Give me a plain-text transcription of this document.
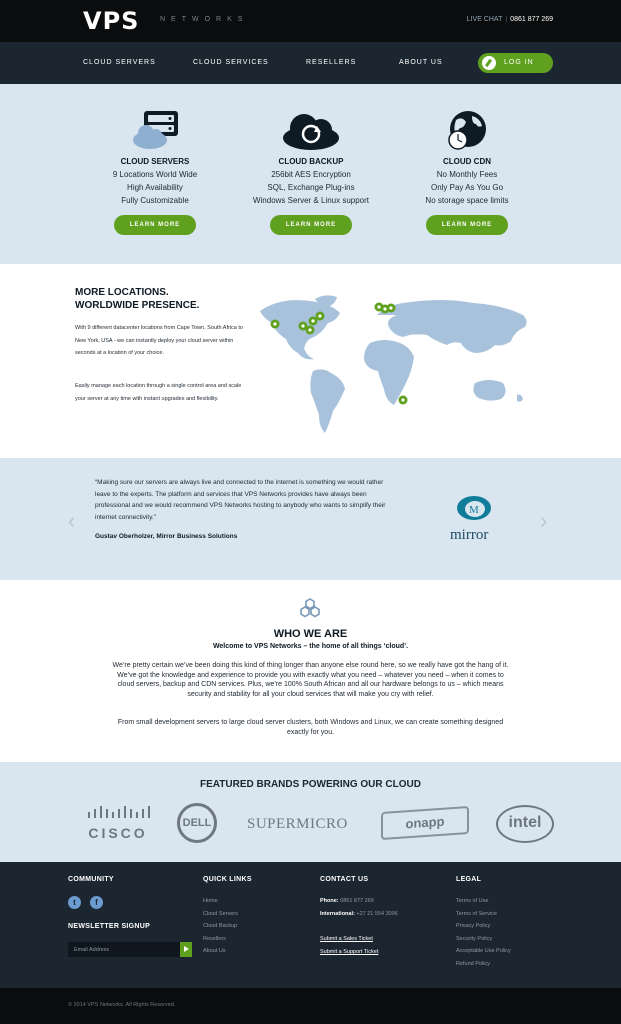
VPS	NETWORKS	LIVE CHAT | 0861 877 269
CLOUD SERVERS	CLOUD SERVICES	RESELLERS	ABOUT US	LOG IN
CLOUD SERVERS
9 Locations World Wide
High Availability
Fully Customizable
LEARN MORE
CLOUD BACKUP
256bit AES Encryption
SQL, Exchange Plug-ins
Windows Server & Linux support
LEARN MORE
CLOUD CDN
No Monthly Fees
Only Pay As You Go
No storage space limits
LEARN MORE
MORE LOCATIONS.
WORLDWIDE PRESENCE.
With 9 different datacenter locations from Cape Town, South Africa to New York, USA - we can instantly deploy your cloud server within seconds at a location of your choice.
Easily manage each location through a single control area and scale your server at any time with instant upgrades and flexibility.
‹
“Making sure our servers are always live and connected to the internet is something we would rather leave to the experts. The platform and services that VPS Networks provides have always been professional and we would recommend VPS Networks hosting to anybody who wants to simplify their internet connectivity.”
Gustav Oberholzer, Mirror Business Solutions
M
mirror
›
WHO WE ARE
Welcome to VPS Networks – the home of all things ‘cloud’.
We’re pretty certain we’ve been doing this kind of thing longer than anyone else round here, so we really have got the hang of it. We’ve got the knowledge and experience to provide you with exactly what you need – whatever you need – when it comes to cloud servers, backup and CDN services. Plus, we’re 100% South African and all our hardware belongs to us – which means security and stability for all your cloud services that will make you cry with relief.
From small development servers to large cloud server clusters, both Windows and Linux, we can create something designed exactly for you.
FEATURED BRANDS POWERING OUR CLOUD
CISCO
DELL	SUPERMICRO	onapp	intel
COMMUNITY
t	f
NEWSLETTER SIGNUP
Email Address
QUICK LINKS
Home
Cloud Servers
Cloud Backup
Resellers
About Us
CONTACT US
Phone: 0861 877 269
International: +27 21 554 3096
Submit a Sales Ticket
Submit a Support Ticket
LEGAL
Terms of Use
Terms of Service
Privacy Policy
Security Policy
Acceptable Use Policy
Refund Policy
© 2014 VPS Networks. All Rights Reserved.
